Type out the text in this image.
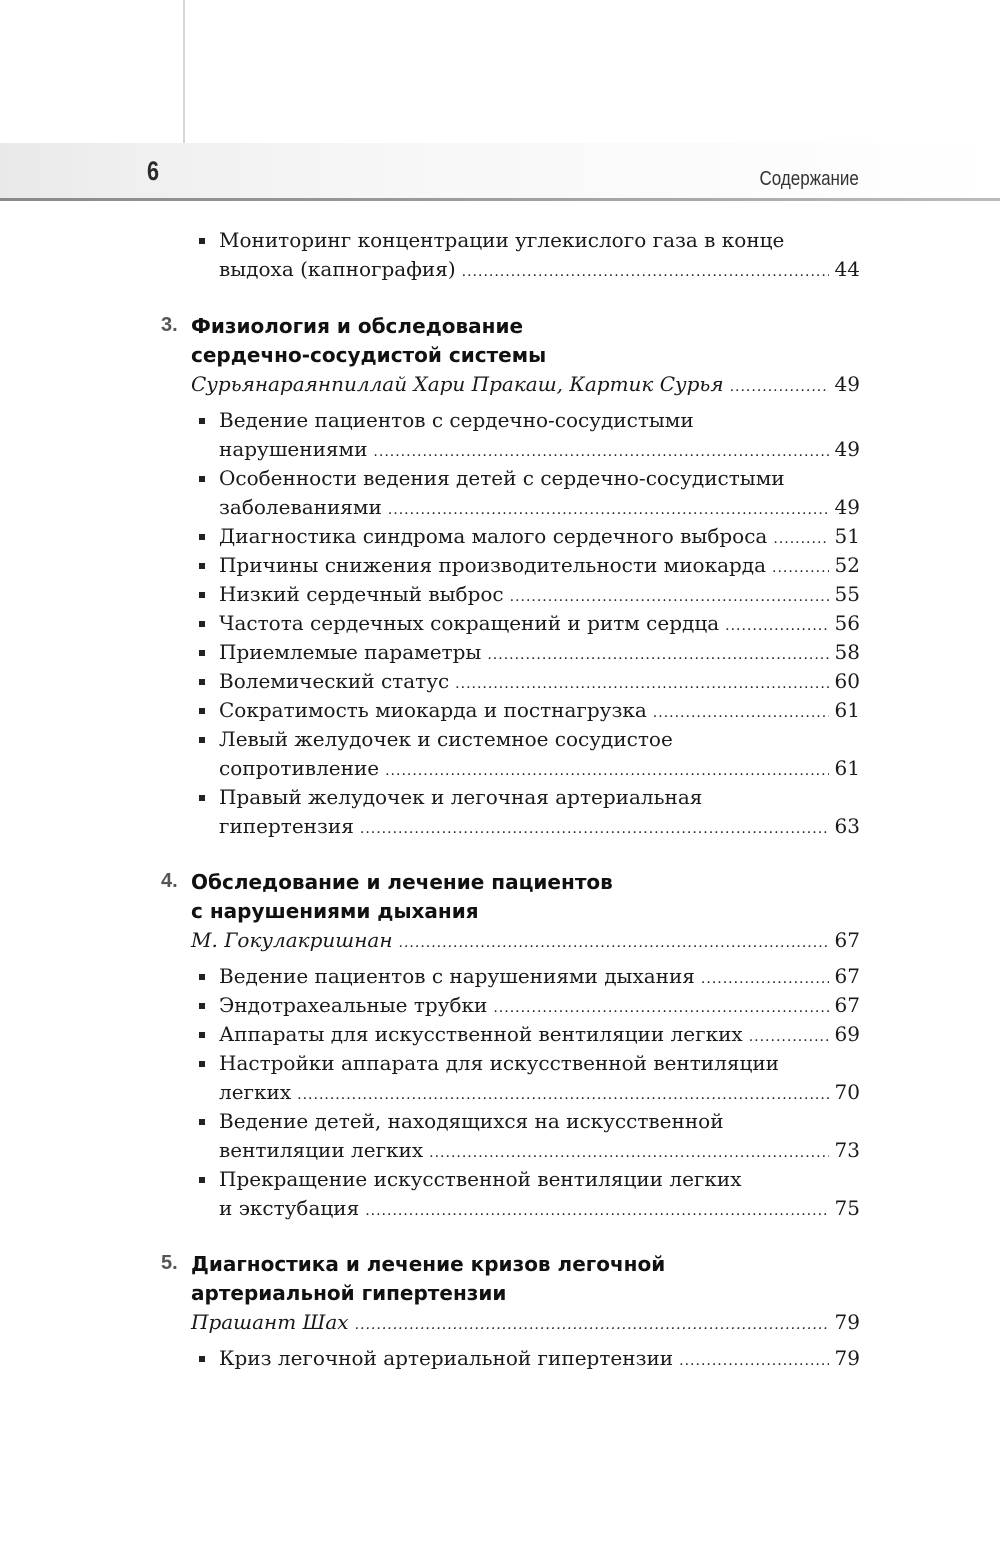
6	Содержание
Мониторинг концентрации углекислого газа в конце
выдоха (капнография) .....	44
3. Физиология и обследование
сердечно-сосудистой системы
Сурьянараянпиллай Хари Пракаш, Картик Сурья .....	49
Ведение пациентов с сердечно-сосудистыми
нарушениями .....	49
Особенности ведения детей с сердечно-сосудистыми
заболеваниями .....	49
Диагностика синдрома малого сердечного выброса .....	51
Причины снижения производительности миокарда .....	52
Низкий сердечный выброс .....	55
Частота сердечных сокращений и ритм сердца .....	56
Приемлемые параметры .....	58
Волемический статус .....	60
Сократимость миокарда и постнагрузка .....	61
Левый желудочек и системное сосудистое
сопротивление .....	61
Правый желудочек и легочная артериальная
гипертензия .....	63
4. Обследование и лечение пациентов
с нарушениями дыхания
М. Гокулакришнан .....	67
Ведение пациентов с нарушениями дыхания .....	67
Эндотрахеальные трубки .....	67
Аппараты для искусственной вентиляции легких .....	69
Настройки аппарата для искусственной вентиляции
легких .....	70
Ведение детей, находящихся на искусственной
вентиляции легких .....	73
Прекращение искусственной вентиляции легких
и экстубация .....	75
5. Диагностика и лечение кризов легочной
артериальной гипертензии
Прашант Шах .....	79
Криз легочной артериальной гипертензии .....	79
